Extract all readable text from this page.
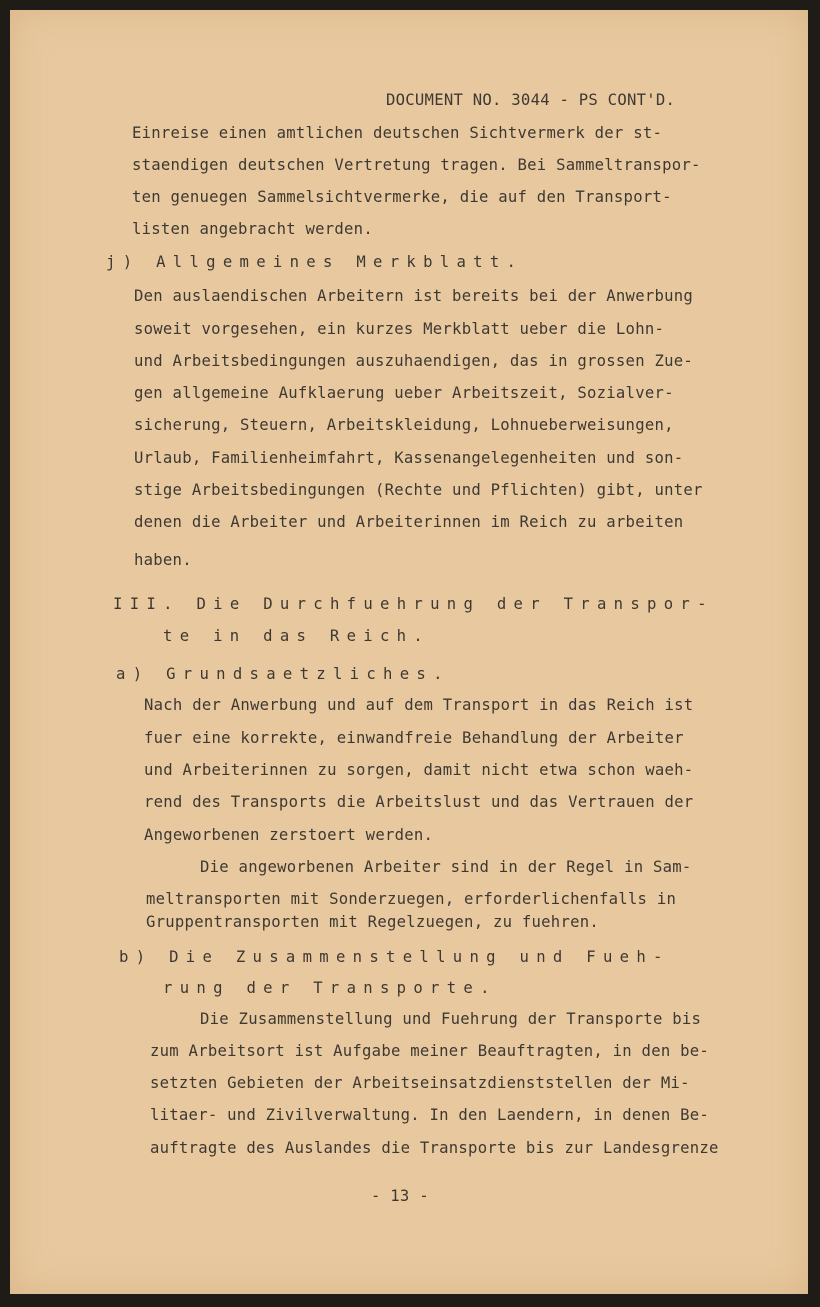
DOCUMENT NO. 3044 - PS CONT'D.
Einreise einen amtlichen deutschen Sichtvermerk der st-
staendigen deutschen Vertretung tragen. Bei Sammeltranspor-
ten genuegen Sammelsichtvermerke, die auf den Transport-
listen angebracht werden.
j) Allgemeines Merkblatt.
Den auslaendischen Arbeitern ist bereits bei der Anwerbung
soweit vorgesehen, ein kurzes Merkblatt ueber die Lohn-
und Arbeitsbedingungen auszuhaendigen, das in grossen Zue-
gen allgemeine Aufklaerung ueber Arbeitszeit, Sozialver-
sicherung, Steuern, Arbeitskleidung, Lohnueberweisungen,
Urlaub, Familienheimfahrt, Kassenangelegenheiten und son-
stige Arbeitsbedingungen (Rechte und Pflichten) gibt, unter
denen die Arbeiter und Arbeiterinnen im Reich zu arbeiten
haben.
III. Die Durchfuehrung der Transpor-
te in das Reich.
a) Grundsaetzliches.
Nach der Anwerbung und auf dem Transport in das Reich ist
fuer eine korrekte, einwandfreie Behandlung der Arbeiter
und Arbeiterinnen zu sorgen, damit nicht etwa schon waeh-
rend des Transports die Arbeitslust und das Vertrauen der
Angeworbenen zerstoert werden.
Die angeworbenen Arbeiter sind in der Regel in Sam-
meltransporten mit Sonderzuegen, erforderlichenfalls in
Gruppentransporten mit Regelzuegen, zu fuehren.
b) Die Zusammenstellung und Fueh-
rung der Transporte.
Die Zusammenstellung und Fuehrung der Transporte bis
zum Arbeitsort ist Aufgabe meiner Beauftragten, in den be-
setzten Gebieten der Arbeitseinsatzdienststellen der Mi-
litaer- und Zivilverwaltung. In den Laendern, in denen Be-
auftragte des Auslandes die Transporte bis zur Landesgrenze
- 13 -
